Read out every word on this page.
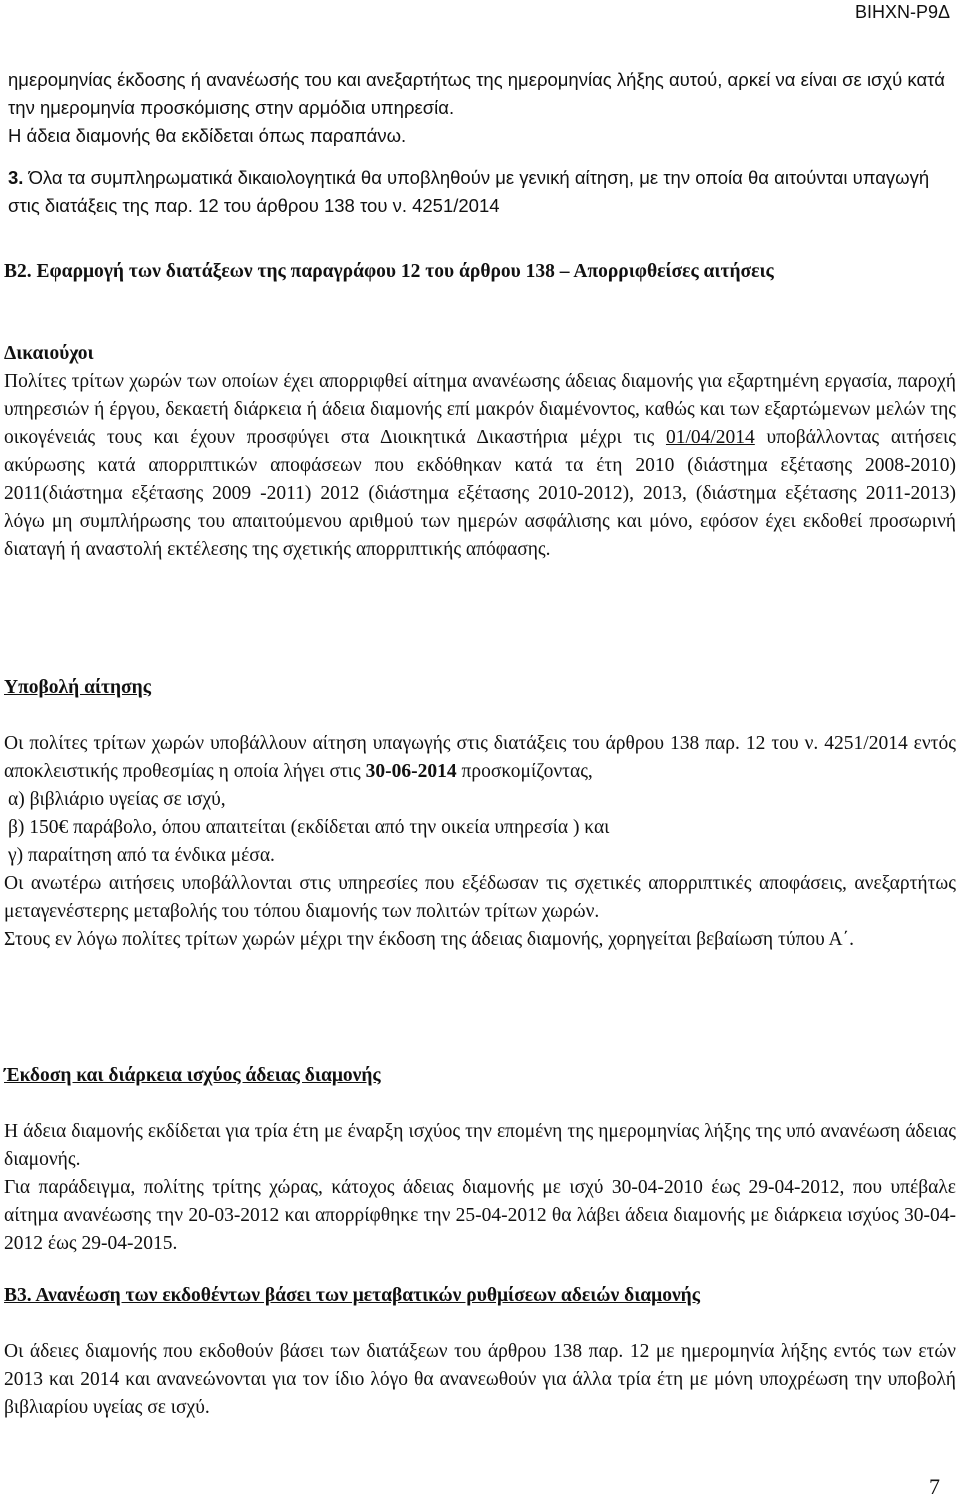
ΒΙΗΧΝ-Ρ9Δ

ημερομηνίας έκδοσης ή ανανέωσής του και ανεξαρτήτως της ημερομηνίας λήξης αυτού, αρκεί να είναι σε ισχύ κατά την ημερομηνία προσκόμισης στην αρμόδια υπηρεσία.

Η άδεια διαμονής θα εκδίδεται όπως παραπάνω.

3. Όλα τα συμπληρωματικά δικαιολογητικά θα υποβληθούν με γενική αίτηση, με την οποία θα αιτούνται υπαγωγή στις διατάξεις της παρ. 12 του άρθρου 138 του ν. 4251/2014

Β2. Εφαρμογή των διατάξεων της παραγράφου 12 του άρθρου 138 – Απορριφθείσες αιτήσεις

Δικαιούχοι

Πολίτες τρίτων χωρών των οποίων έχει απορριφθεί αίτημα ανανέωσης άδειας διαμονής για εξαρτημένη εργασία, παροχή υπηρεσιών ή έργου, δεκαετή διάρκεια ή άδεια διαμονής επί μακρόν διαμένοντος, καθώς και των εξαρτώμενων μελών της οικογένειάς τους και έχουν προσφύγει στα Διοικητικά Δικαστήρια μέχρι τις 01/04/2014 υποβάλλοντας αιτήσεις ακύρωσης κατά απορριπτικών αποφάσεων που εκδόθηκαν κατά τα έτη 2010 (διάστημα εξέτασης 2008-2010) 2011(διάστημα εξέτασης 2009 -2011) 2012 (διάστημα εξέτασης 2010-2012), 2013, (διάστημα εξέτασης 2011-2013) λόγω μη συμπλήρωσης του απαιτούμενου αριθμού των ημερών ασφάλισης και μόνο, εφόσον έχει εκδοθεί προσωρινή διαταγή ή αναστολή εκτέλεσης της σχετικής απορριπτικής απόφασης.

Υποβολή αίτησης

Οι πολίτες τρίτων χωρών υποβάλλουν αίτηση υπαγωγής στις διατάξεις του άρθρου 138 παρ. 12 του ν. 4251/2014 εντός αποκλειστικής προθεσμίας η οποία λήγει στις 30-06-2014 προσκομίζοντας,

α) βιβλιάριο υγείας σε ισχύ,

β) 150€ παράβολο, όπου απαιτείται (εκδίδεται από την οικεία υπηρεσία ) και

γ) παραίτηση από τα ένδικα μέσα.

Οι ανωτέρω αιτήσεις υποβάλλονται στις υπηρεσίες που εξέδωσαν τις σχετικές απορριπτικές αποφάσεις, ανεξαρτήτως μεταγενέστερης μεταβολής του τόπου διαμονής των πολιτών τρίτων χωρών.

Στους εν λόγω πολίτες τρίτων χωρών μέχρι την έκδοση της άδειας διαμονής, χορηγείται βεβαίωση τύπου Α΄.

Έκδοση και διάρκεια ισχύος άδειας διαμονής

Η άδεια διαμονής εκδίδεται για τρία έτη με έναρξη ισχύος την επομένη της ημερομηνίας λήξης της υπό ανανέωση άδειας διαμονής.

Για παράδειγμα, πολίτης τρίτης χώρας, κάτοχος άδειας διαμονής με ισχύ 30-04-2010 έως 29-04-2012, που υπέβαλε αίτημα ανανέωσης την 20-03-2012 και απορρίφθηκε την 25-04-2012 θα λάβει άδεια διαμονής με διάρκεια ισχύος 30-04-2012 έως 29-04-2015.

Β3. Ανανέωση των εκδοθέντων βάσει των μεταβατικών ρυθμίσεων αδειών διαμονής

Οι άδειες διαμονής που εκδοθούν βάσει των διατάξεων του άρθρου 138 παρ. 12 με ημερομηνία λήξης εντός των ετών 2013 και 2014 και ανανεώνονται για τον ίδιο λόγο θα ανανεωθούν για άλλα τρία έτη με μόνη υποχρέωση την υποβολή βιβλιαρίου υγείας σε ισχύ.

7
